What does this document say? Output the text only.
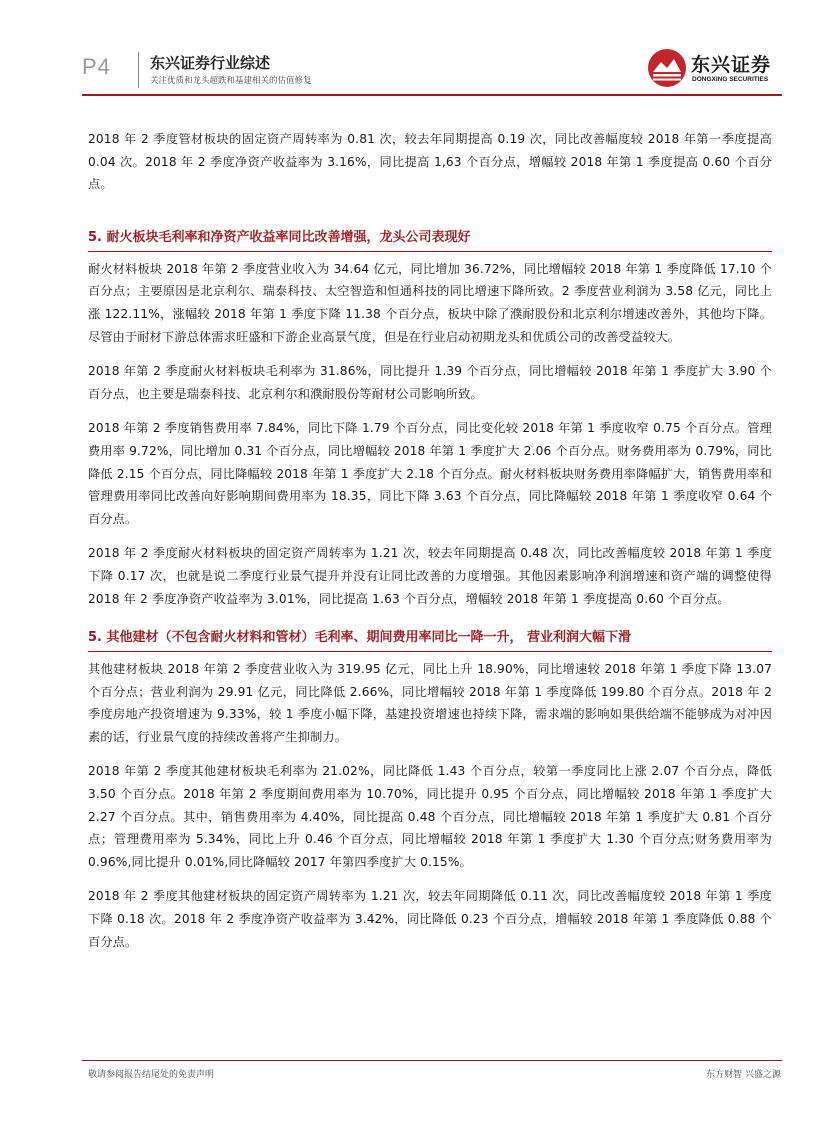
P4	东兴证券行业综述
关注优质和龙头超跌和基建相关的估值修复
东兴证券
DONGXING SECURITIES

2018 年 2 季度管材板块的固定资产周转率为 0.81 次，较去年同期提高 0.19 次，同比改善幅度较 2018 年第一季度提高 0.04 次。2018 年 2 季度净资产收益率为 3.16%，同比提高 1,63 个百分点，增幅较 2018 年第 1 季度提高 0.60 个百分点。

5. 耐火板块毛利率和净资产收益率同比改善增强，龙头公司表现好

耐火材料板块 2018 年第 2 季度营业收入为 34.64 亿元，同比增加 36.72%，同比增幅较 2018 年第 1 季度降低 17.10 个百分点；主要原因是北京利尔、瑞泰科技、太空智造和恒通科技的同比增速下降所致。2 季度营业利润为 3.58 亿元，同比上涨 122.11%，涨幅较 2018 年第 1 季度下降 11.38 个百分点，板块中除了濮耐股份和北京利尔增速改善外，其他均下降。尽管由于耐材下游总体需求旺盛和下游企业高景气度，但是在行业启动初期龙头和优质公司的改善受益较大。

2018 年第 2 季度耐火材料板块毛利率为 31.86%，同比提升 1.39 个百分点，同比增幅较 2018 年第 1 季度扩大 3.90 个百分点，也主要是瑞泰科技、北京利尔和濮耐股份等耐材公司影响所致。

2018 年第 2 季度销售费用率 7.84%，同比下降 1.79 个百分点，同比变化较 2018 年第 1 季度收窄 0.75 个百分点。管理费用率 9.72%，同比增加 0.31 个百分点，同比增幅较 2018 年第 1 季度扩大 2.06 个百分点。财务费用率为 0.79%，同比降低 2.15 个百分点，同比降幅较 2018 年第 1 季度扩大 2.18 个百分点。耐火材料板块财务费用率降幅扩大，销售费用率和管理费用率同比改善向好影响期间费用率为 18.35，同比下降 3.63 个百分点，同比降幅较 2018 年第 1 季度收窄 0.64 个百分点。

2018 年 2 季度耐火材料板块的固定资产周转率为 1.21 次，较去年同期提高 0.48 次，同比改善幅度较 2018 年第 1 季度下降 0.17 次，也就是说二季度行业景气提升并没有让同比改善的力度增强。其他因素影响净利润增速和资产端的调整使得 2018 年 2 季度净资产收益率为 3.01%，同比提高 1.63 个百分点，增幅较 2018 年第 1 季度提高 0.60 个百分点。

5. 其他建材（不包含耐火材料和管材）毛利率、期间费用率同比一降一升， 营业利润大幅下滑

其他建材板块 2018 年第 2 季度营业收入为 319.95 亿元，同比上升 18.90%，同比增速较 2018 年第 1 季度下降 13.07 个百分点；营业利润为 29.91 亿元，同比降低 2.66%，同比增幅较 2018 年第 1 季度降低 199.80 个百分点。2018 年 2 季度房地产投资增速为 9.33%，较 1 季度小幅下降，基建投资增速也持续下降，需求端的影响如果供给端不能够成为对冲因素的话，行业景气度的持续改善将产生抑制力。

2018 年第 2 季度其他建材板块毛利率为 21.02%，同比降低 1.43 个百分点，较第一季度同比上涨 2.07 个百分点，降低 3.50 个百分点。2018 年第 2 季度期间费用率为 10.70%，同比提升 0.95 个百分点，同比增幅较 2018 年第 1 季度扩大 2.27 个百分点。其中，销售费用率为 4.40%，同比提高 0.48 个百分点，同比增幅较 2018 年第 1 季度扩大 0.81 个百分点；管理费用率为 5.34%，同比上升 0.46 个百分点，同比增幅较 2018 年第 1 季度扩大 1.30 个百分点;财务费用率为 0.96%,同比提升 0.01%,同比降幅较 2017 年第四季度扩大 0.15%。

2018 年 2 季度其他建材板块的固定资产周转率为 1.21 次，较去年同期降低 0.11 次，同比改善幅度较 2018 年第 1 季度下降 0.18 次。2018 年 2 季度净资产收益率为 3.42%，同比降低 0.23 个百分点，增幅较 2018 年第 1 季度降低 0.88 个百分点。

敬请参阅报告结尾处的免责声明	东方财智 兴盛之源
